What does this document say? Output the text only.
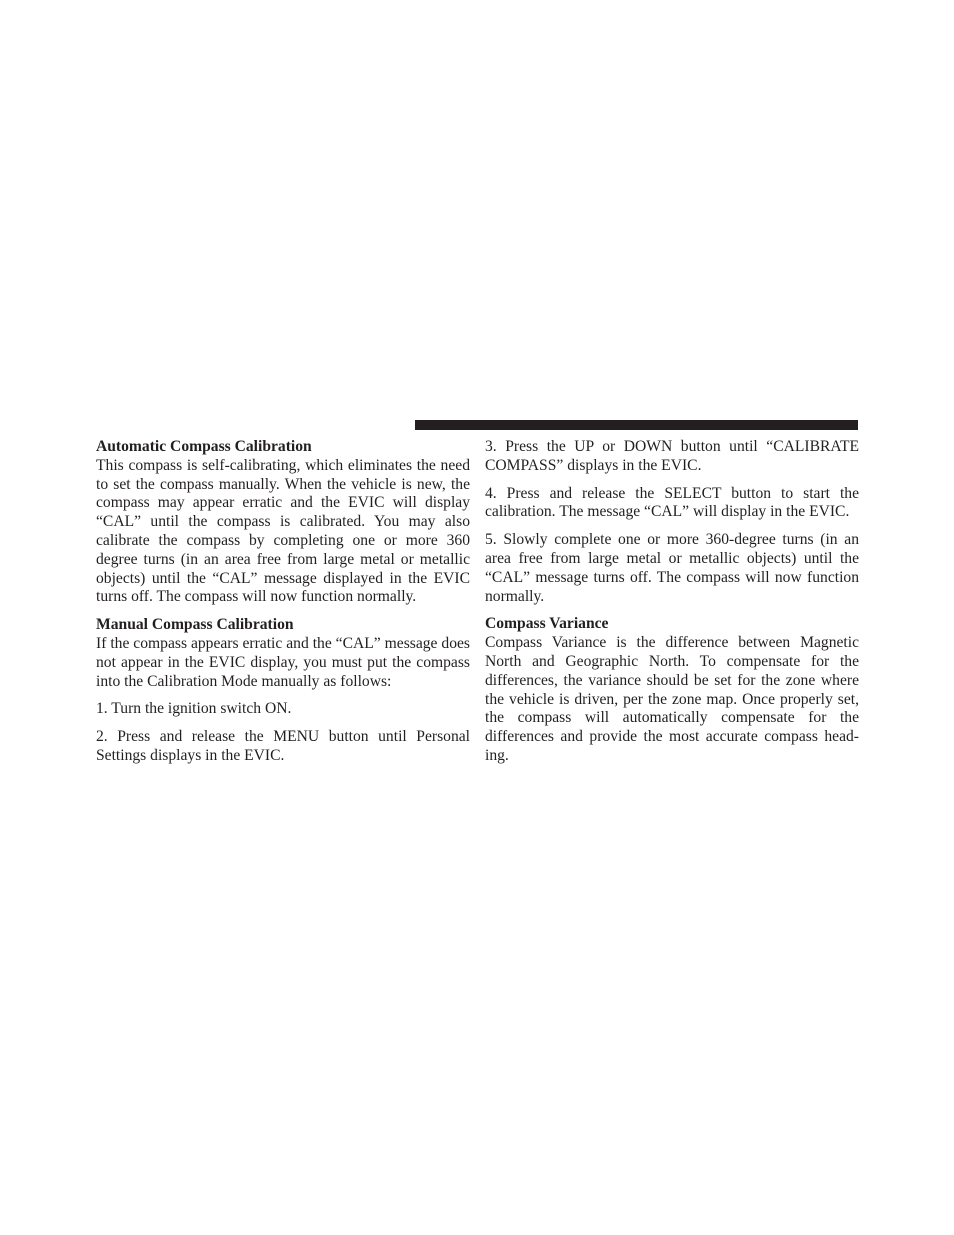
Automatic Compass Calibration

This compass is self-calibrating, which eliminates the need to set the compass manually. When the vehicle is new, the compass may appear erratic and the EVIC will display “CAL” until the compass is calibrated. You may also calibrate the compass by completing one or more 360 degree turns (in an area free from large metal or metallic objects) until the “CAL” message displayed in the EVIC turns off. The compass will now function normally.

Manual Compass Calibration

If the compass appears erratic and the “CAL” message does not appear in the EVIC display, you must put the compass into the Calibration Mode manually as follows:

1. Turn the ignition switch ON.

2. Press and release the MENU button until Personal Settings displays in the EVIC.

3. Press the UP or DOWN button until “CALIBRATE COMPASS” displays in the EVIC.

4. Press and release the SELECT button to start the calibration. The message “CAL” will display in the EVIC.

5. Slowly complete one or more 360-degree turns (in an area free from large metal or metallic objects) until the “CAL” message turns off. The compass will now function normally.

Compass Variance

Compass Variance is the difference between Magnetic North and Geographic North. To compensate for the differences, the variance should be set for the zone where the vehicle is driven, per the zone map. Once properly set, the compass will automatically compensate for the differences and provide the most accurate compass head-ing.
